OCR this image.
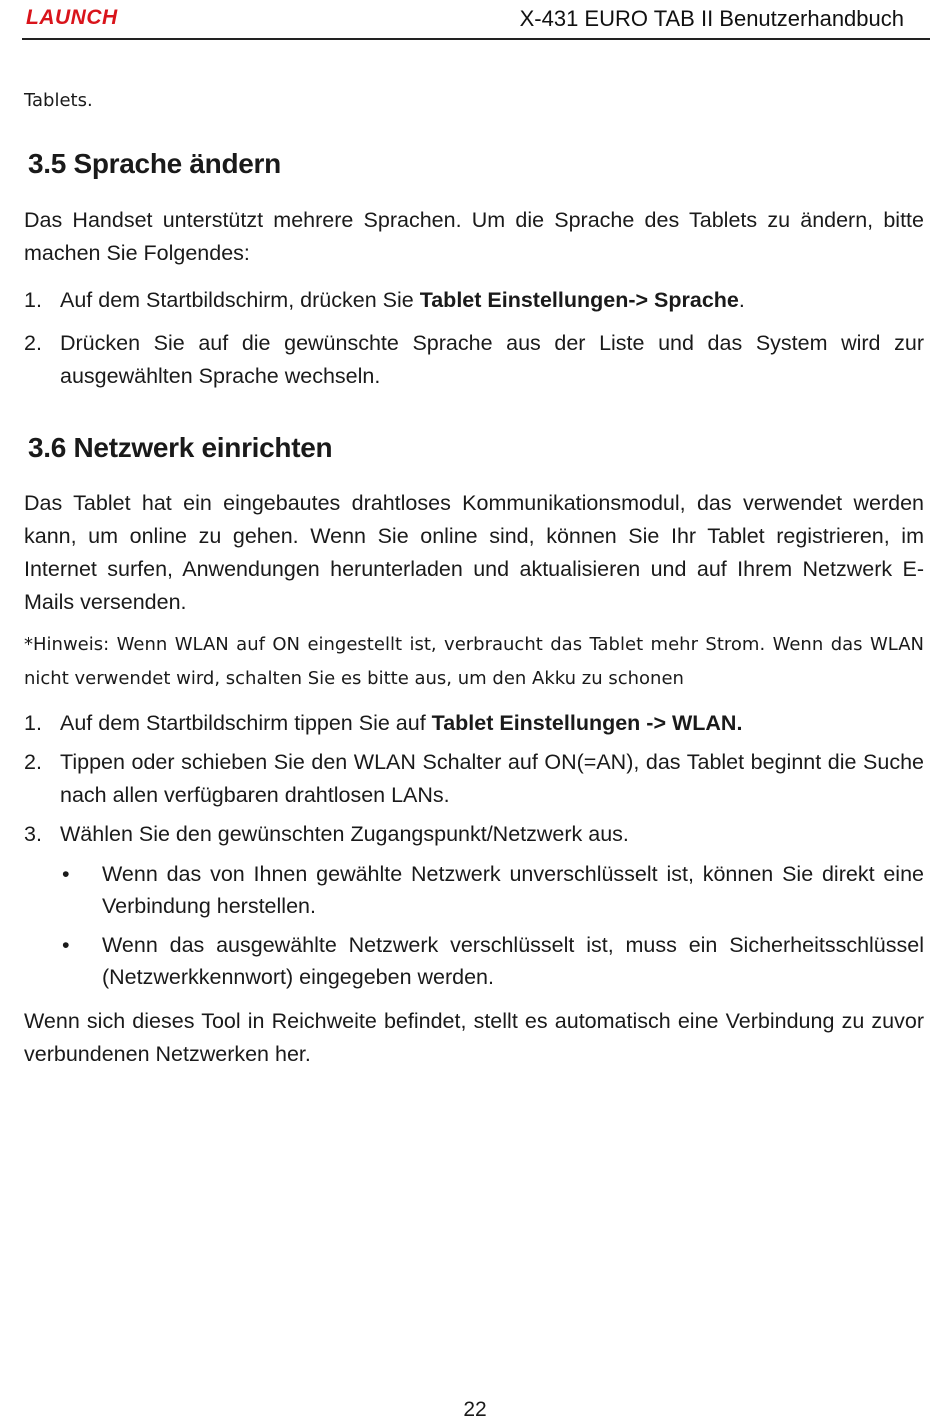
LAUNCH	X-431 EURO TAB II Benutzerhandbuch
Tablets.
3.5 Sprache ändern
Das Handset unterstützt mehrere Sprachen. Um die Sprache des Tablets zu ändern, bitte machen Sie Folgendes:
1. Auf dem Startbildschirm, drücken Sie Tablet Einstellungen-> Sprache.
2. Drücken Sie auf die gewünschte Sprache aus der Liste und das System wird zur ausgewählten Sprache wechseln.
3.6 Netzwerk einrichten
Das Tablet hat ein eingebautes drahtloses Kommunikationsmodul, das verwendet werden kann, um online zu gehen. Wenn Sie online sind, können Sie Ihr Tablet registrieren, im Internet surfen, Anwendungen herunterladen und aktualisieren und auf Ihrem Netzwerk E-Mails versenden.
*Hinweis: Wenn WLAN auf ON eingestellt ist, verbraucht das Tablet mehr Strom. Wenn das WLAN nicht verwendet wird, schalten Sie es bitte aus, um den Akku zu schonen
1. Auf dem Startbildschirm tippen Sie auf Tablet Einstellungen -> WLAN.
2. Tippen oder schieben Sie den WLAN Schalter auf ON(=AN), das Tablet beginnt die Suche nach allen verfügbaren drahtlosen LANs.
3. Wählen Sie den gewünschten Zugangspunkt/Netzwerk aus.
• Wenn das von Ihnen gewählte Netzwerk unverschlüsselt ist, können Sie direkt eine Verbindung herstellen.
• Wenn das ausgewählte Netzwerk verschlüsselt ist, muss ein Sicherheitsschlüssel (Netzwerkkennwort) eingegeben werden.
Wenn sich dieses Tool in Reichweite befindet, stellt es automatisch eine Verbindung zu zuvor verbundenen Netzwerken her.
22
